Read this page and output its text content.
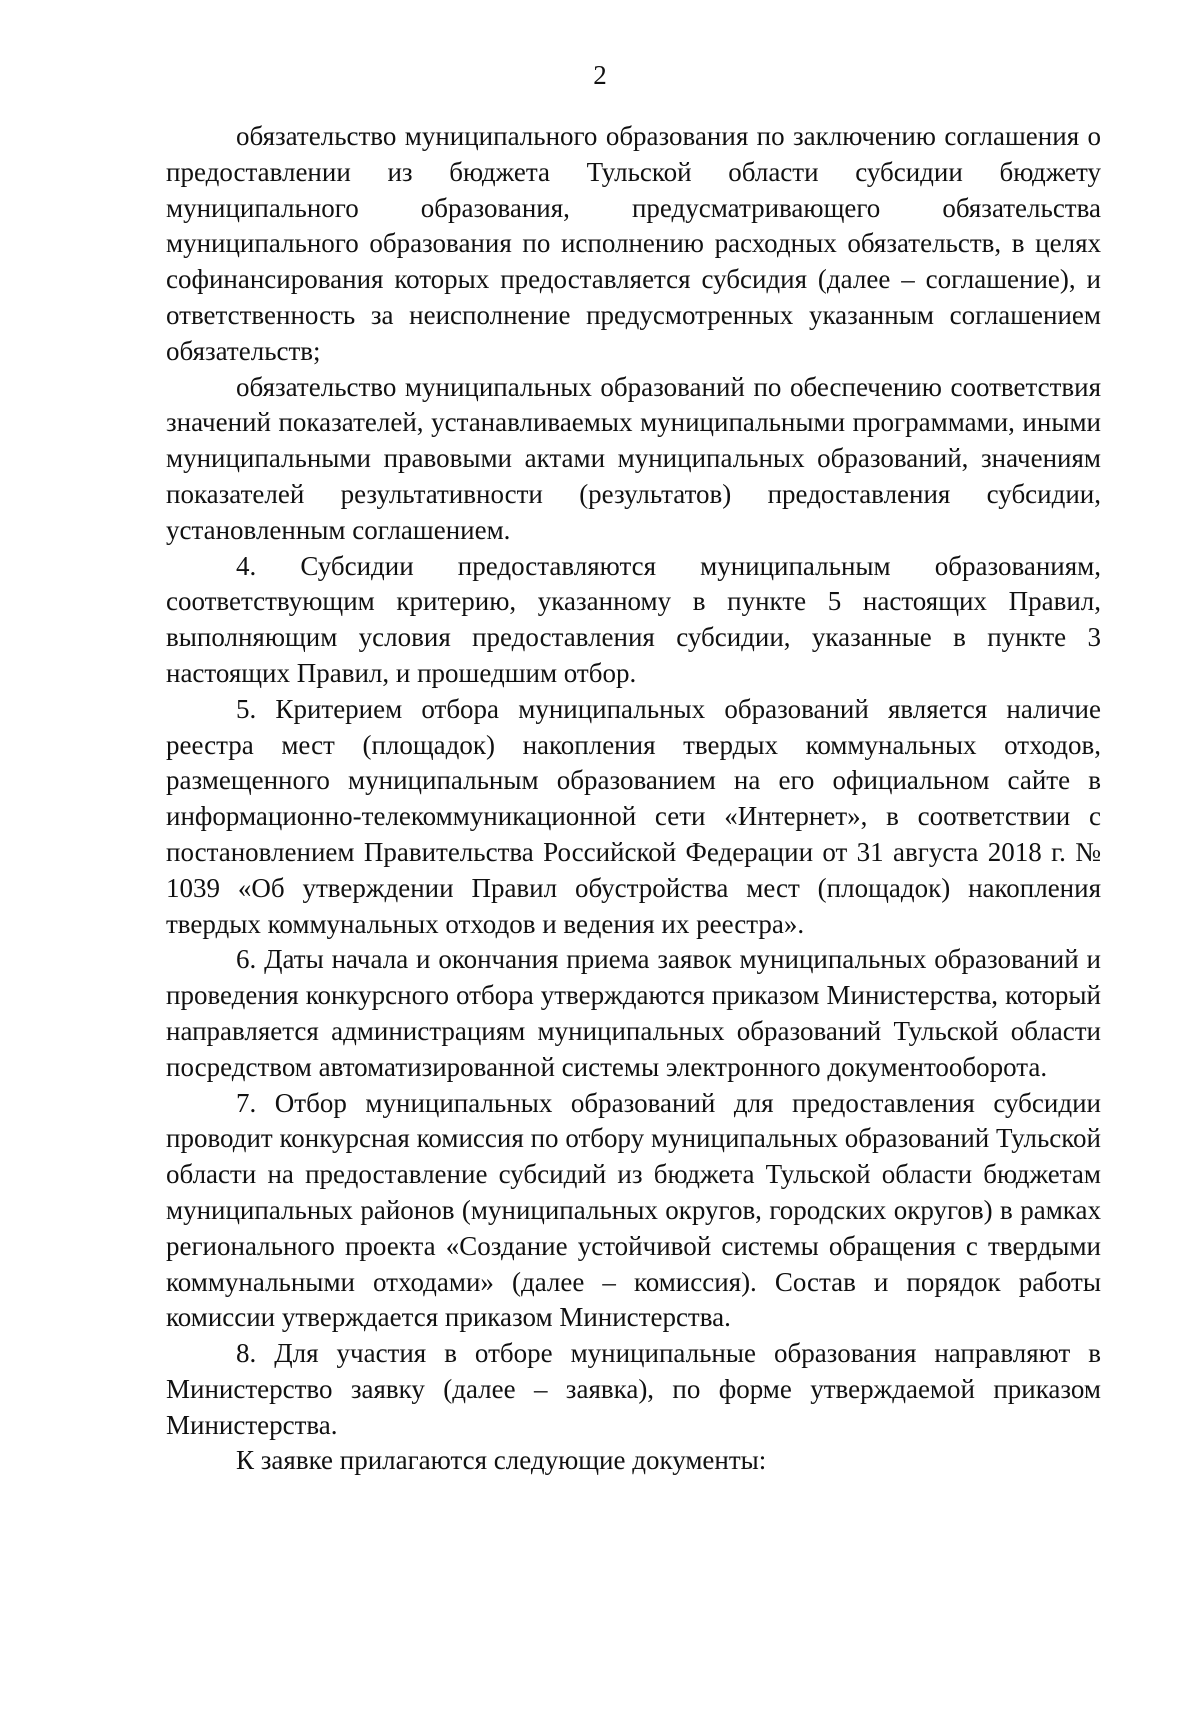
2

обязательство муниципального образования по заключению соглашения о предоставлении из бюджета Тульской области субсидии бюджету муниципального образования, предусматривающего обязательства муниципального образования по исполнению расходных обязательств, в целях софинансирования которых предоставляется субсидия (далее – соглашение), и ответственность за неисполнение предусмотренных указанным соглашением обязательств;

обязательство муниципальных образований по обеспечению соответствия значений показателей, устанавливаемых муниципальными программами, иными муниципальными правовыми актами муниципальных образований, значениям показателей результативности (результатов) предоставления субсидии, установленным соглашением.

4. Субсидии предоставляются муниципальным образованиям, соответствующим критерию, указанному в пункте 5 настоящих Правил, выполняющим условия предоставления субсидии, указанные в пункте 3 настоящих Правил, и прошедшим отбор.

5. Критерием отбора муниципальных образований является наличие реестра мест (площадок) накопления твердых коммунальных отходов, размещенного муниципальным образованием на его официальном сайте в информационно-телекоммуникационной сети «Интернет», в соответствии с постановлением Правительства Российской Федерации от 31 августа 2018 г. № 1039 «Об утверждении Правил обустройства мест (площадок) накопления твердых коммунальных отходов и ведения их реестра».

6. Даты начала и окончания приема заявок муниципальных образований и проведения конкурсного отбора утверждаются приказом Министерства, который направляется администрациям муниципальных образований Тульской области посредством автоматизированной системы электронного документооборота.

7. Отбор муниципальных образований для предоставления субсидии проводит конкурсная комиссия по отбору муниципальных образований Тульской области на предоставление субсидий из бюджета Тульской области бюджетам муниципальных районов (муниципальных округов, городских округов) в рамках регионального проекта «Создание устойчивой системы обращения с твердыми коммунальными отходами» (далее – комиссия). Состав и порядок работы комиссии утверждается приказом Министерства.

8. Для участия в отборе муниципальные образования направляют в Министерство заявку (далее – заявка), по форме утверждаемой приказом Министерства.

К заявке прилагаются следующие документы:
